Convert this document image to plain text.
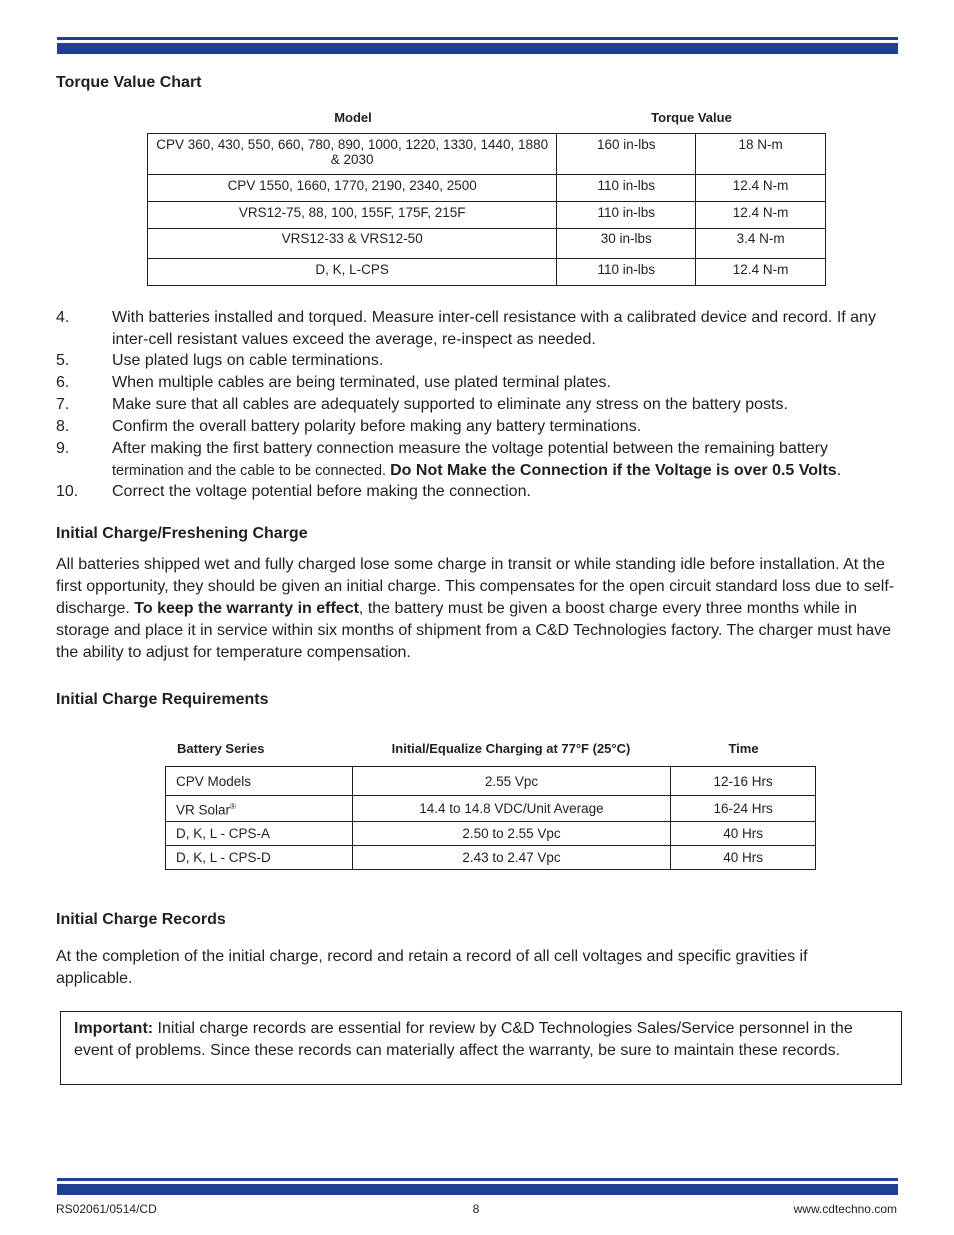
Torque Value Chart
Model	Torque Value
CPV 360, 430, 550, 660, 780, 890, 1000, 1220, 1330, 1440, 1880 & 2030	160 in-lbs	18 N-m
CPV 1550, 1660, 1770, 2190, 2340, 2500	110 in-lbs	12.4 N-m
VRS12-75, 88, 100, 155F, 175F, 215F	110 in-lbs	12.4 N-m
VRS12-33 & VRS12-50	30 in-lbs	3.4 N-m
D, K, L-CPS	110 in-lbs	12.4 N-m
4.	With batteries installed and torqued. Measure inter-cell resistance with a calibrated device and record. If any inter-cell resistant values exceed the average, re-inspect as needed.
5.	Use plated lugs on cable terminations.
6.	When multiple cables are being terminated, use plated terminal plates.
7.	Make sure that all cables are adequately supported to eliminate any stress on the battery posts.
8.	Confirm the overall battery polarity before making any battery terminations.
9.	After making the first battery connection measure the voltage potential between the remaining battery
termination and the cable to be connected. Do Not Make the Connection if the Voltage is over 0.5 Volts.
10. Correct the voltage potential before making the connection.
Initial Charge/Freshening Charge
All batteries shipped wet and fully charged lose some charge in transit or while standing idle before installation. At the first opportunity, they should be given an initial charge. This compensates for the open circuit standard loss due to self-discharge. To keep the warranty in effect, the battery must be given a boost charge every three months while in storage and place it in service within six months of shipment from a C&D Technologies factory. The charger must have the ability to adjust for temperature compensation.
Initial Charge Requirements
Battery Series	Initial/Equalize Charging at 77°F (25°C)	Time
CPV Models	2.55 Vpc	12-16 Hrs
VR Solar®	14.4 to 14.8 VDC/Unit Average	16-24 Hrs
D, K, L - CPS-A	2.50 to 2.55 Vpc	40 Hrs
D, K, L - CPS-D	2.43 to 2.47 Vpc	40 Hrs
Initial Charge Records
At the completion of the initial charge, record and retain a record of all cell voltages and specific gravities if applicable.
Important: Initial charge records are essential for review by C&D Technologies Sales/Service personnel in the event of problems. Since these records can materially affect the warranty, be sure to maintain these records.
RS02061/0514/CD	8	www.cdtechno.com
